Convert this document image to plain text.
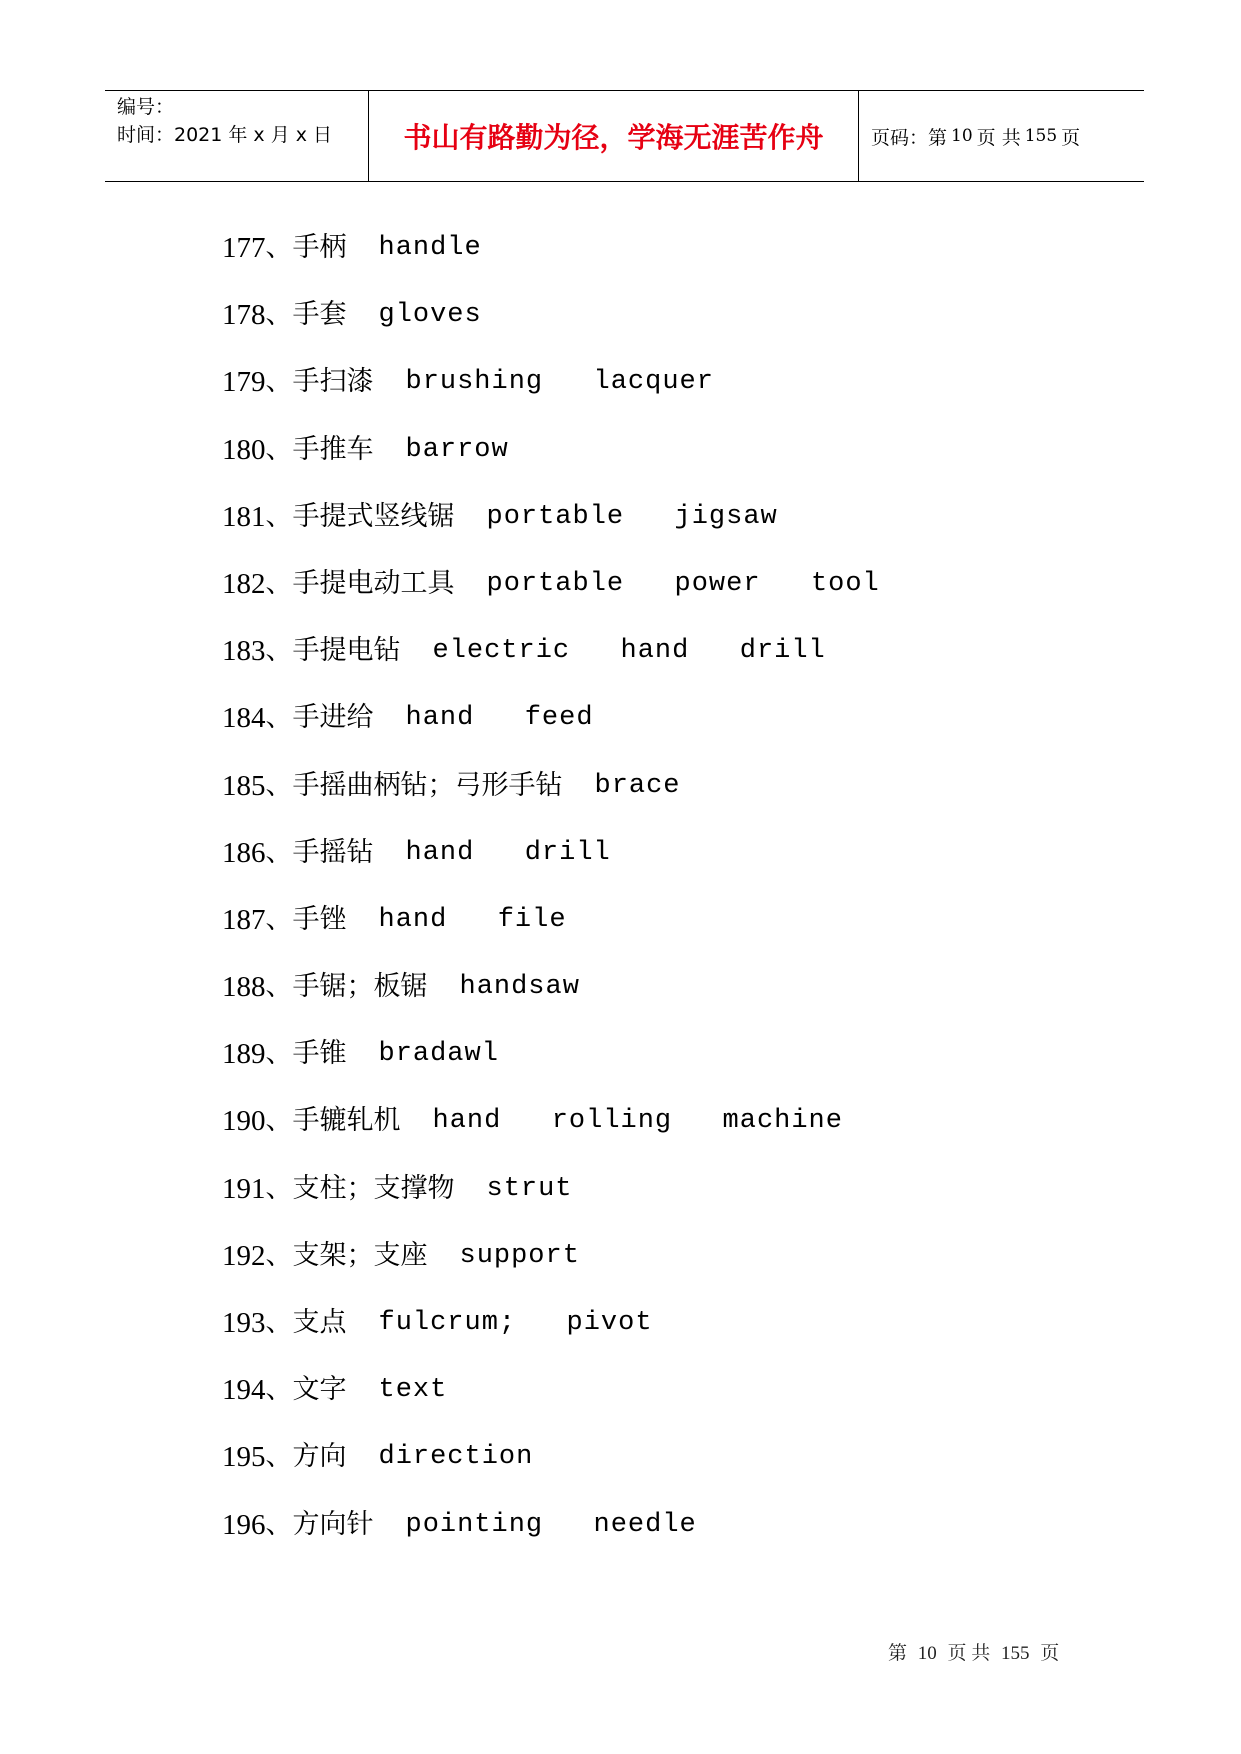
编号：
时间：2021 年 x 月 x 日	书山有路勤为径，学海无涯苦作舟	页码：第 10 页 共 155 页
177 、 手柄 handle
178 、 手套 gloves
179 、 手扫漆 brushing  lacquer
180 、 手推车 barrow
181 、 手提式竖线锯 portable  jigsaw
182 、 手提电动工具 portable  power  tool
183 、 手提电钻 electric  hand  drill
184 、 手进给 hand  feed
185 、 手摇曲柄钻；弓形手钻 brace
186 、 手摇钻 hand  drill
187 、 手锉 hand  file
188 、 手锯；板锯 handsaw
189 、 手锥 bradawl
190 、 手辘轧机 hand  rolling  machine
191 、 支柱；支撑物 strut
192 、 支架；支座 support
193 、 支点 fulcrum;  pivot
194 、 文字 text
195 、 方向 direction
196 、 方向针 pointing  needle
第 10 页 共 155 页
